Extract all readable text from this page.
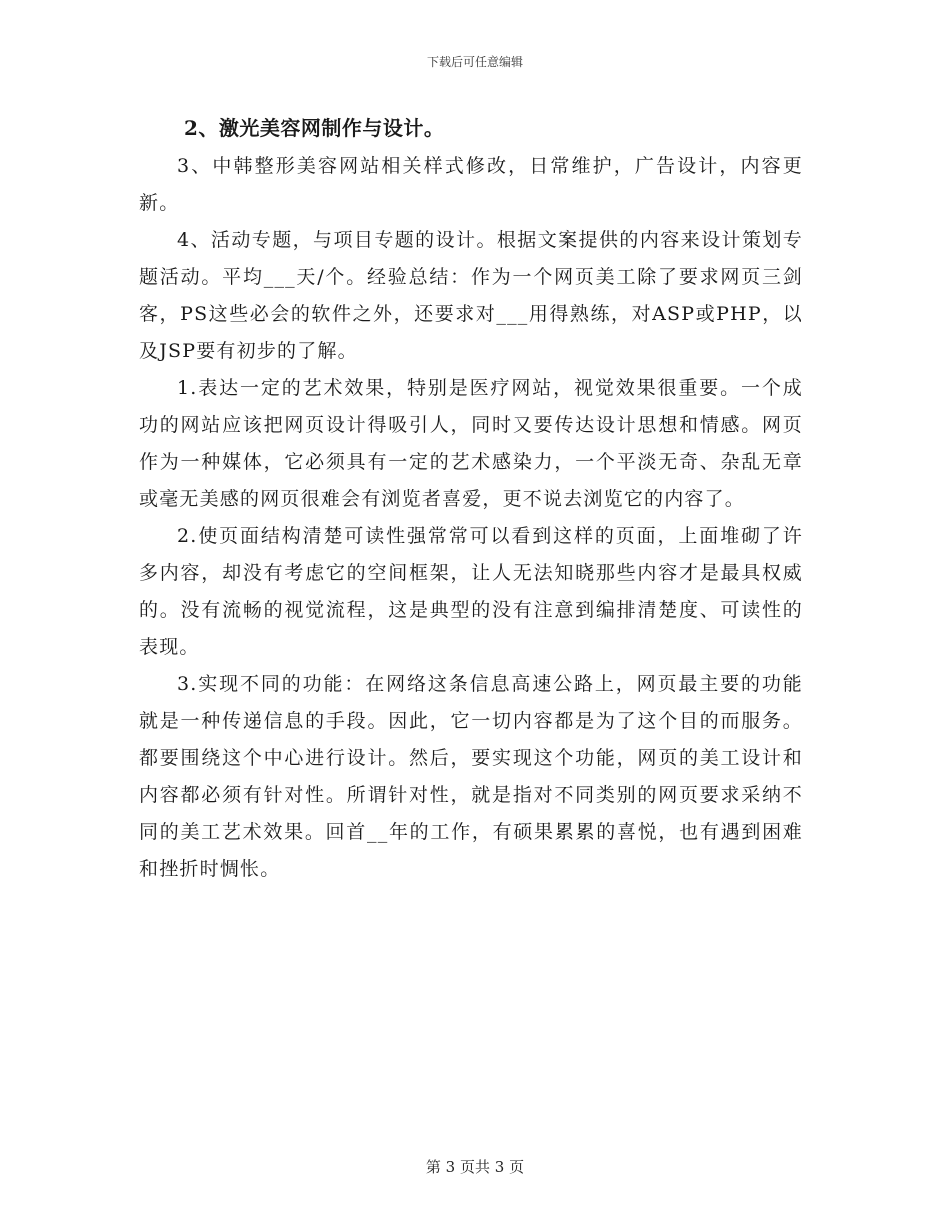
下载后可任意编辑

2、激光美容网制作与设计。

3、中韩整形美容网站相关样式修改，日常维护，广告设计，内容更新。

4、活动专题，与项目专题的设计。根据文案提供的内容来设计策划专题活动。平均___天/个。经验总结：作为一个网页美工除了要求网页三剑客，PS这些必会的软件之外，还要求对___用得熟练，对ASP或PHP，以及JSP要有初步的了解。

1.表达一定的艺术效果，特别是医疗网站，视觉效果很重要。一个成功的网站应该把网页设计得吸引人，同时又要传达设计思想和情感。网页作为一种媒体，它必须具有一定的艺术感染力，一个平淡无奇、杂乱无章或毫无美感的网页很难会有浏览者喜爱，更不说去浏览它的内容了。

2.使页面结构清楚可读性强常常可以看到这样的页面，上面堆砌了许多内容，却没有考虑它的空间框架，让人无法知晓那些内容才是最具权威的。没有流畅的视觉流程，这是典型的没有注意到编排清楚度、可读性的表现。

3.实现不同的功能：在网络这条信息高速公路上，网页最主要的功能就是一种传递信息的手段。因此，它一切内容都是为了这个目的而服务。都要围绕这个中心进行设计。然后，要实现这个功能，网页的美工设计和内容都必须有针对性。所谓针对性，就是指对不同类别的网页要求采纳不同的美工艺术效果。回首__年的工作，有硕果累累的喜悦，也有遇到困难和挫折时惆怅。

第 3 页共 3 页
